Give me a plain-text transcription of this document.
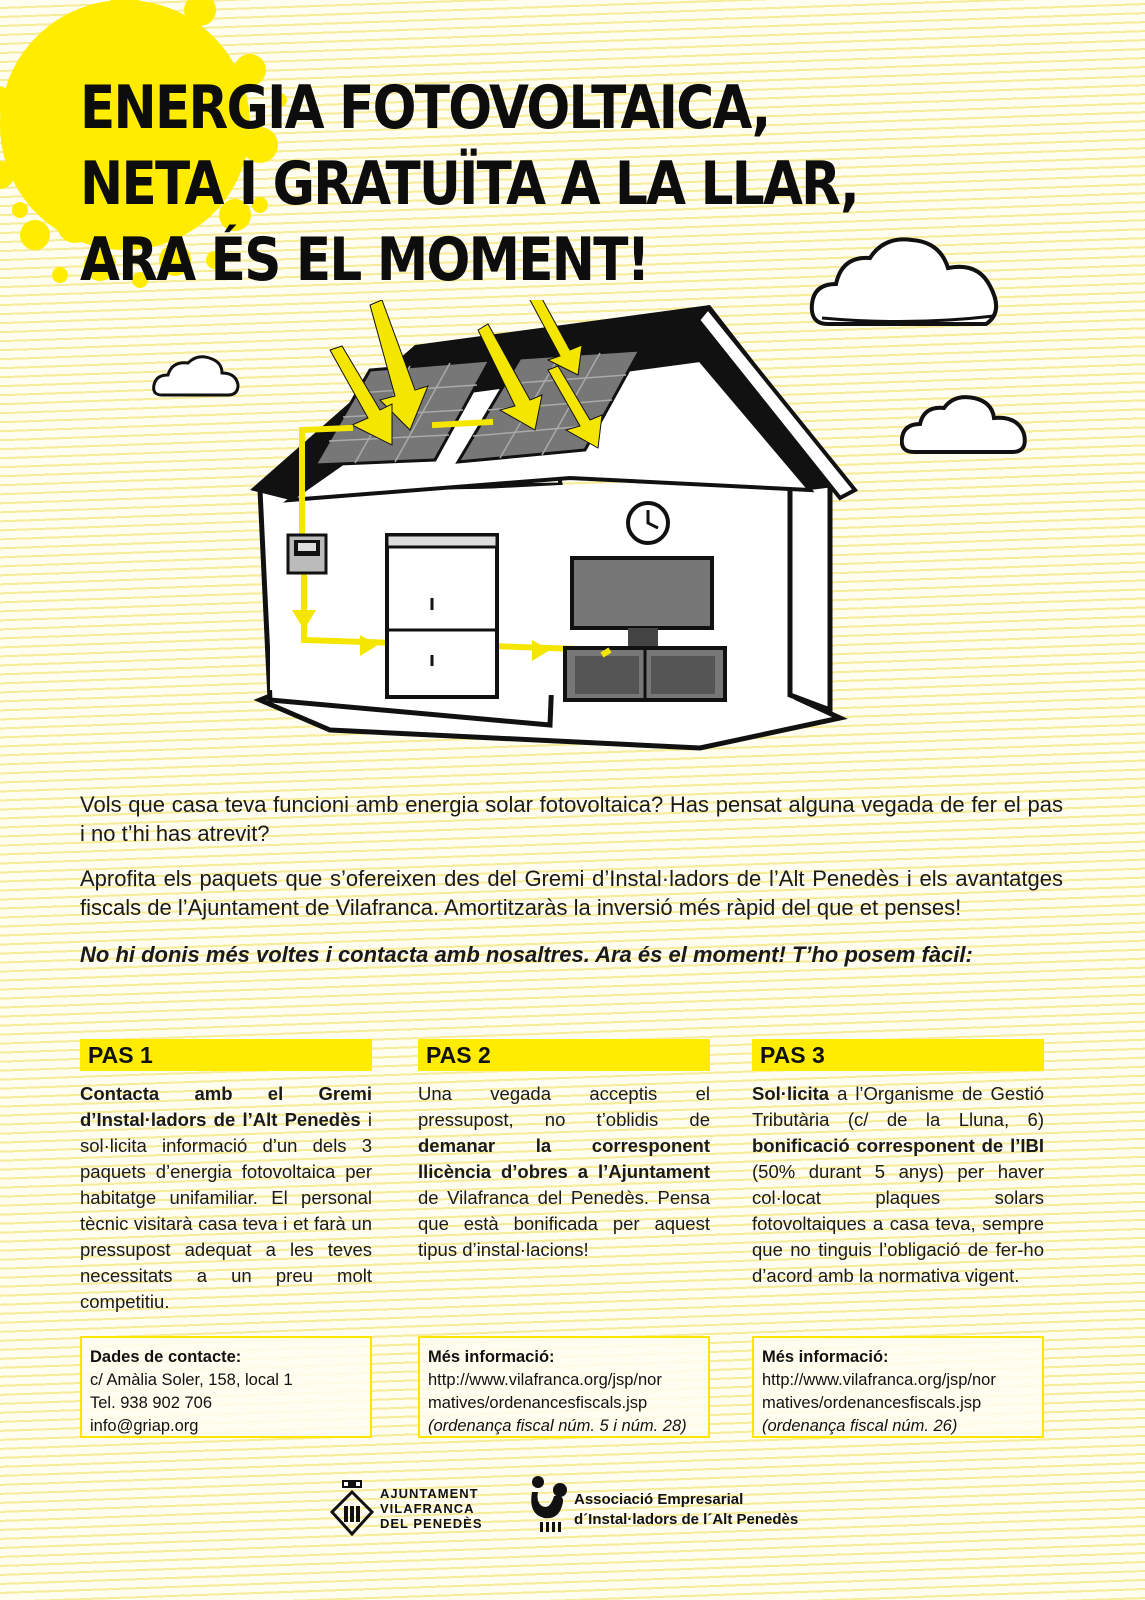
ENERGIA FOTOVOLTAICA,
NETA I GRATUÏTA A LA LLAR,
ARA ÉS EL MOMENT!

Vols que casa teva funcioni amb energia solar fotovoltaica? Has pensat alguna vegada de fer el pas i no t’hi has atrevit?

Aprofita els paquets que s’ofereixen des del Gremi d’Instal·ladors de l’Alt Penedès i els avantatges fiscals de l’Ajuntament de Vilafranca. Amortitzaràs la inversió més ràpid del que et penses!

No hi donis més voltes i contacta amb nosaltres. Ara és el moment! T’ho posem fàcil:

PAS 1
Contacta amb el Gremi d’Instal·ladors de l’Alt Penedès i sol·licita informació d’un dels 3 paquets d’energia fotovoltaica per habitatge unifamiliar. El personal tècnic visitarà casa teva i et farà un pressupost adequat a les teves necessitats a un preu molt competitiu.
PAS 2
Una vegada acceptis el pressupost, no t’oblidis de demanar la corresponent llicència d’obres a l’Ajuntament de Vilafranca del Penedès. Pensa que està bonificada per aquest tipus d’instal·lacions!
PAS 3
Sol·licita a l’Organisme de Gestió Tributària (c/ de la Lluna, 6) bonificació corresponent de l’IBI (50% durant 5 anys) per haver col·locat plaques solars fotovoltaiques a casa teva, sempre que no tinguis l’obligació de fer-ho d’acord amb la normativa vigent.
Dades de contacte:
c/ Amàlia Soler, 158, local 1
Tel. 938 902 706
info@griap.org
Més informació:
http://www.vilafranca.org/jsp/nor
matives/ordenancesfiscals.jsp
(ordenança fiscal núm. 5 i núm. 28)
Més informació:
http://www.vilafranca.org/jsp/nor
matives/ordenancesfiscals.jsp
(ordenança fiscal núm. 26)
AJUNTAMENT
VILAFRANCA
DEL PENEDÈS
Associació Empresarial
d´Instal·ladors de l´Alt Penedès
